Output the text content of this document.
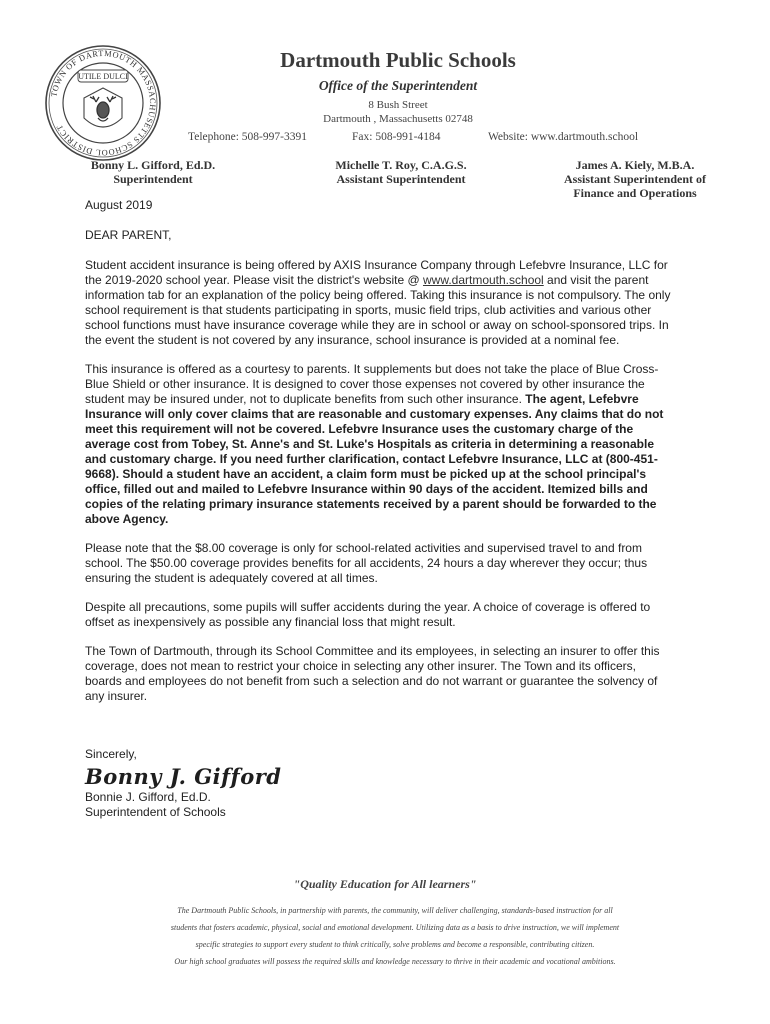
TOWN OF DARTMOUTH MASSACHUSETTS SCHOOL DISTRICT
UTILE DULCI
Dartmouth Public Schools
Office of the Superintendent
8 Bush Street
Dartmouth , Massachusetts 02748
Telephone: 508-997-3391	Fax: 508-991-4184	Website: www.dartmouth.school
Bonny L. Gifford, Ed.D.
Superintendent
Michelle T. Roy, C.A.G.S.
Assistant Superintendent
James A. Kiely, M.B.A.
Assistant Superintendent of
Finance and Operations

August 2019

DEAR PARENT,

Student accident insurance is being offered by AXIS Insurance Company through Lefebvre Insurance, LLC for the 2019-2020 school year. Please visit the district's website @ www.dartmouth.school and visit the parent information tab for an explanation of the policy being offered. Taking this insurance is not compulsory. The only school requirement is that students participating in sports, music field trips, club activities and various other school functions must have insurance coverage while they are in school or away on school-sponsored trips. In the event the student is not covered by any insurance, school insurance is provided at a nominal fee.

This insurance is offered as a courtesy to parents. It supplements but does not take the place of Blue Cross-Blue Shield or other insurance. It is designed to cover those expenses not covered by other insurance the student may be insured under, not to duplicate benefits from such other insurance. The agent, Lefebvre Insurance will only cover claims that are reasonable and customary expenses. Any claims that do not meet this requirement will not be covered. Lefebvre Insurance uses the customary charge of the average cost from Tobey, St. Anne's and St. Luke's Hospitals as criteria in determining a reasonable and customary charge. If you need further clarification, contact Lefebvre Insurance, LLC at (800-451-9668). Should a student have an accident, a claim form must be picked up at the school principal's office, filled out and mailed to Lefebvre Insurance within 90 days of the accident. Itemized bills and copies of the relating primary insurance statements received by a parent should be forwarded to the above Agency.

Please note that the $8.00 coverage is only for school-related activities and supervised travel to and from school. The $50.00 coverage provides benefits for all accidents, 24 hours a day wherever they occur; thus ensuring the student is adequately covered at all times.

Despite all precautions, some pupils will suffer accidents during the year. A choice of coverage is offered to offset as inexpensively as possible any financial loss that might result.

The Town of Dartmouth, through its School Committee and its employees, in selecting an insurer to offer this coverage, does not mean to restrict your choice in selecting any other insurer. The Town and its officers, boards and employees do not benefit from such a selection and do not warrant or guarantee the solvency of any insurer.

Sincerely,
Bonny J. Gifford
Bonnie J. Gifford, Ed.D.
Superintendent of Schools
"Quality Education for All learners"

The Dartmouth Public Schools, in partnership with parents, the community, will deliver challenging, standards-based instruction for all

students that fosters academic, physical, social and emotional development. Utilizing data as a basis to drive instruction, we will implement

specific strategies to support every student to think critically, solve problems and become a responsible, contributing citizen.

Our high school graduates will possess the required skills and knowledge necessary to thrive in their academic and vocational ambitions.
